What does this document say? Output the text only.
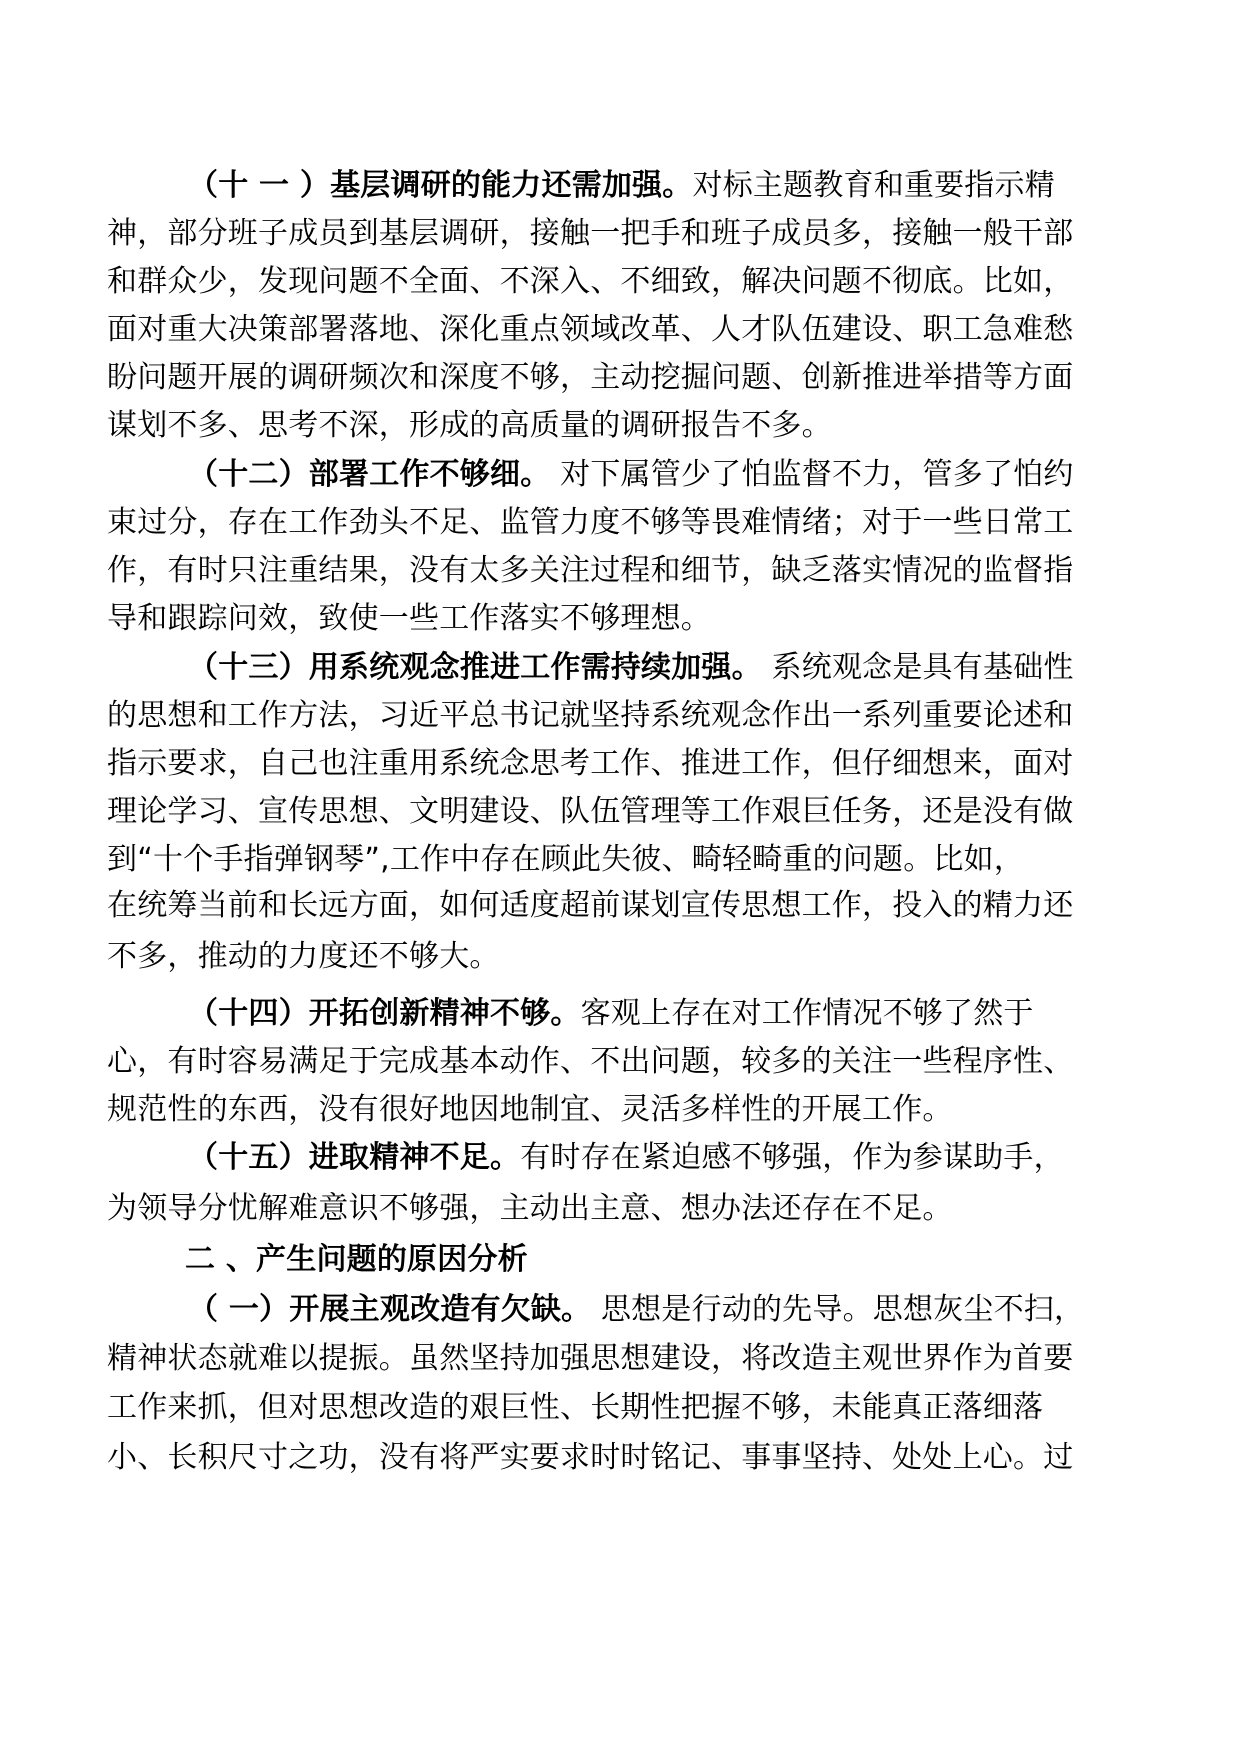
（十 一 ）基层调研的能力还需加强。对标主题教育和重要指示精
神，部分班子成员到基层调研，接触一把手和班子成员多，接触一般干部
和群众少，发现问题不全面、不深入、不细致，解决问题不彻底。比如，
面对重大决策部署落地、深化重点领域改革、人才队伍建设、职工急难愁
盼问题开展的调研频次和深度不够，主动挖掘问题、创新推进举措等方面
谋划不多、思考不深，形成的高质量的调研报告不多。
（十二）部署工作不够细。 对下属管少了怕监督不力，管多了怕约
束过分，存在工作劲头不足、监管力度不够等畏难情绪；对于一些日常工
作，有时只注重结果，没有太多关注过程和细节，缺乏落实情况的监督指
导和跟踪问效，致使一些工作落实不够理想。
（十三）用系统观念推进工作需持续加强。 系统观念是具有基础性
的思想和工作方法，习近平总书记就坚持系统观念作出一系列重要论述和
指示要求，自己也注重用系统念思考工作、推进工作，但仔细想来，面对
理论学习、宣传思想、文明建设、队伍管理等工作艰巨任务，还是没有做
到“十个手指弹钢琴”,工作中存在顾此失彼、畸轻畸重的问题。比如，
在统筹当前和长远方面，如何适度超前谋划宣传思想工作，投入的精力还
不多，推动的力度还不够大。
（十四）开拓创新精神不够。客观上存在对工作情况不够了然于
心，有时容易满足于完成基本动作、不出问题，较多的关注一些程序性、
规范性的东西，没有很好地因地制宜、灵活多样性的开展工作。
（十五）进取精神不足。有时存在紧迫感不够强，作为参谋助手，
为领导分忧解难意识不够强，主动出主意、想办法还存在不足。
二 、产生问题的原因分析
（ 一）开展主观改造有欠缺。 思想是行动的先导。思想灰尘不扫，
精神状态就难以提振。虽然坚持加强思想建设，将改造主观世界作为首要
工作来抓，但对思想改造的艰巨性、长期性把握不够，未能真正落细落
小、长积尺寸之功，没有将严实要求时时铭记、事事坚持、处处上心。过
